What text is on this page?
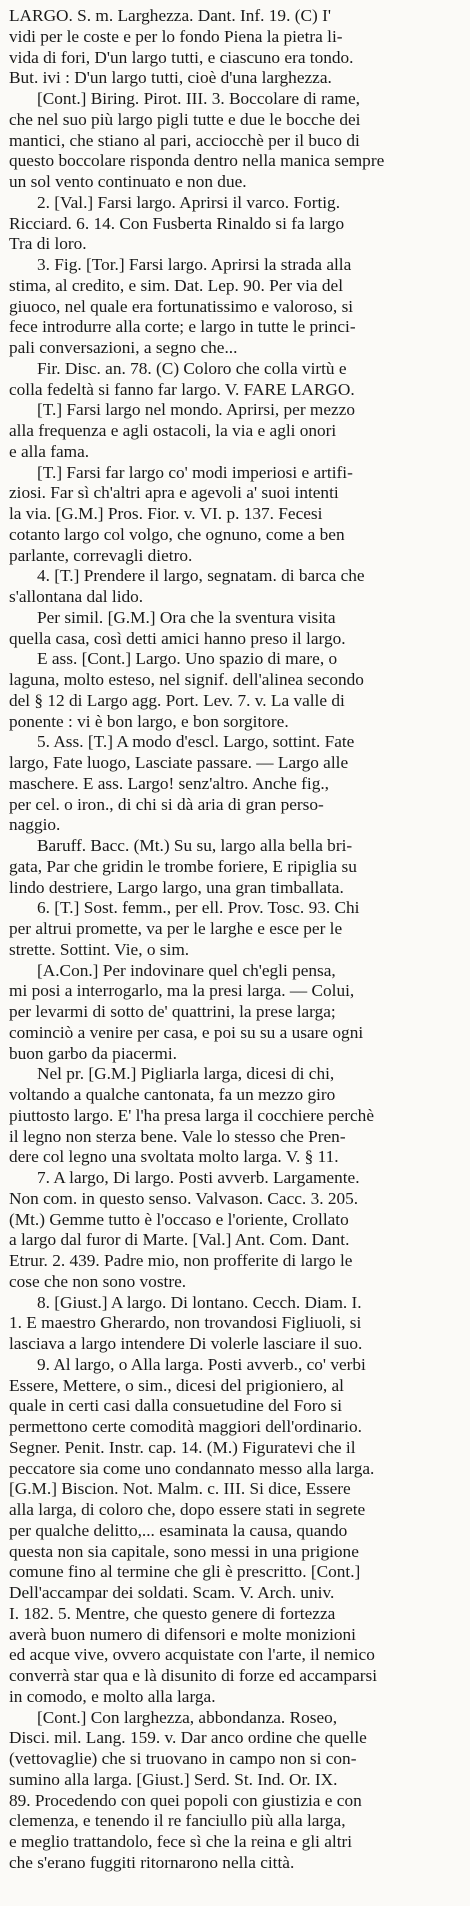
LARGO. S. m. Larghezza. Dant. Inf. 19. (C) I'
vidi per le coste e per lo fondo Piena la pietra li-
vida di fori, D'un largo tutti, e ciascuno era tondo.
But. ivi : D'un largo tutti, cioè d'una larghezza.
[Cont.] Biring. Pirot. III. 3. Boccolare di rame,
che nel suo più largo pigli tutte e due le bocche dei
mantici, che stiano al pari, acciocchè per il buco di
questo boccolare risponda dentro nella manica sempre
un sol vento continuato e non due.
2. [Val.] Farsi largo. Aprirsi il varco. Fortig.
Ricciard. 6. 14. Con Fusberta Rinaldo si fa largo
Tra di loro.
3. Fig. [Tor.] Farsi largo. Aprirsi la strada alla
stima, al credito, e sim. Dat. Lep. 90. Per via del
giuoco, nel quale era fortunatissimo e valoroso, si
fece introdurre alla corte; e largo in tutte le princi-
pali conversazioni, a segno che...
Fir. Disc. an. 78. (C) Coloro che colla virtù e
colla fedeltà si fanno far largo. V. FARE LARGO.
[T.] Farsi largo nel mondo. Aprirsi, per mezzo
alla frequenza e agli ostacoli, la via e agli onori
e alla fama.
[T.] Farsi far largo co' modi imperiosi e artifi-
ziosi. Far sì ch'altri apra e agevoli a' suoi intenti
la via. [G.M.] Pros. Fior. v. VI. p. 137. Fecesi
cotanto largo col volgo, che ognuno, come a ben
parlante, correvagli dietro.
4. [T.] Prendere il largo, segnatam. di barca che
s'allontana dal lido.
Per simil. [G.M.] Ora che la sventura visita
quella casa, così detti amici hanno preso il largo.
E ass. [Cont.] Largo. Uno spazio di mare, o
laguna, molto esteso, nel signif. dell'alinea secondo
del § 12 di Largo agg. Port. Lev. 7. v. La valle di
ponente : vi è bon largo, e bon sorgitore.
5. Ass. [T.] A modo d'escl. Largo, sottint. Fate
largo, Fate luogo, Lasciate passare. — Largo alle
maschere. E ass. Largo! senz'altro. Anche fig.,
per cel. o iron., di chi si dà aria di gran perso-
naggio.
Baruff. Bacc. (Mt.) Su su, largo alla bella bri-
gata, Par che gridin le trombe foriere, E ripiglia su
lindo destriere, Largo largo, una gran timballata.
6. [T.] Sost. femm., per ell. Prov. Tosc. 93. Chi
per altrui promette, va per le larghe e esce per le
strette. Sottint. Vie, o sim.
[A.Con.] Per indovinare quel ch'egli pensa,
mi posi a interrogarlo, ma la presi larga. — Colui,
per levarmi di sotto de' quattrini, la prese larga;
cominciò a venire per casa, e poi su su a usare ogni
buon garbo da piacermi.
Nel pr. [G.M.] Pigliarla larga, dicesi di chi,
voltando a qualche cantonata, fa un mezzo giro
piuttosto largo. E' l'ha presa larga il cocchiere perchè
il legno non sterza bene. Vale lo stesso che Pren-
dere col legno una svoltata molto larga. V. § 11.
7. A largo, Di largo. Posti avverb. Largamente.
Non com. in questo senso. Valvason. Cacc. 3. 205.
(Mt.) Gemme tutto è l'occaso e l'oriente, Crollato
a largo dal furor di Marte. [Val.] Ant. Com. Dant.
Etrur. 2. 439. Padre mio, non profferite di largo le
cose che non sono vostre.
8. [Giust.] A largo. Di lontano. Cecch. Diam. I.
1. E maestro Gherardo, non trovandosi Figliuoli, si
lasciava a largo intendere Di volerle lasciare il suo.
9. Al largo, o Alla larga. Posti avverb., co' verbi
Essere, Mettere, o sim., dicesi del prigioniero, al
quale in certi casi dalla consuetudine del Foro si
permettono certe comodità maggiori dell'ordinario.
Segner. Penit. Instr. cap. 14. (M.) Figuratevi che il
peccatore sia come uno condannato messo alla larga.
[G.M.] Biscion. Not. Malm. c. III. Si dice, Essere
alla larga, di coloro che, dopo essere stati in segrete
per qualche delitto,... esaminata la causa, quando
questa non sia capitale, sono messi in una prigione
comune fino al termine che gli è prescritto. [Cont.]
Dell'accampar dei soldati. Scam. V. Arch. univ.
I. 182. 5. Mentre, che questo genere di fortezza
averà buon numero di difensori e molte monizioni
ed acque vive, ovvero acquistate con l'arte, il nemico
converrà star qua e là disunito di forze ed accamparsi
in comodo, e molto alla larga.
[Cont.] Con larghezza, abbondanza. Roseo,
Disci. mil. Lang. 159. v. Dar anco ordine che quelle
(vettovaglie) che si truovano in campo non si con-
sumino alla larga. [Giust.] Serd. St. Ind. Or. IX.
89. Procedendo con quei popoli con giustizia e con
clemenza, e tenendo il re fanciullo più alla larga,
e meglio trattandolo, fece sì che la reina e gli altri
che s'erano fuggiti ritornarono nella città.
